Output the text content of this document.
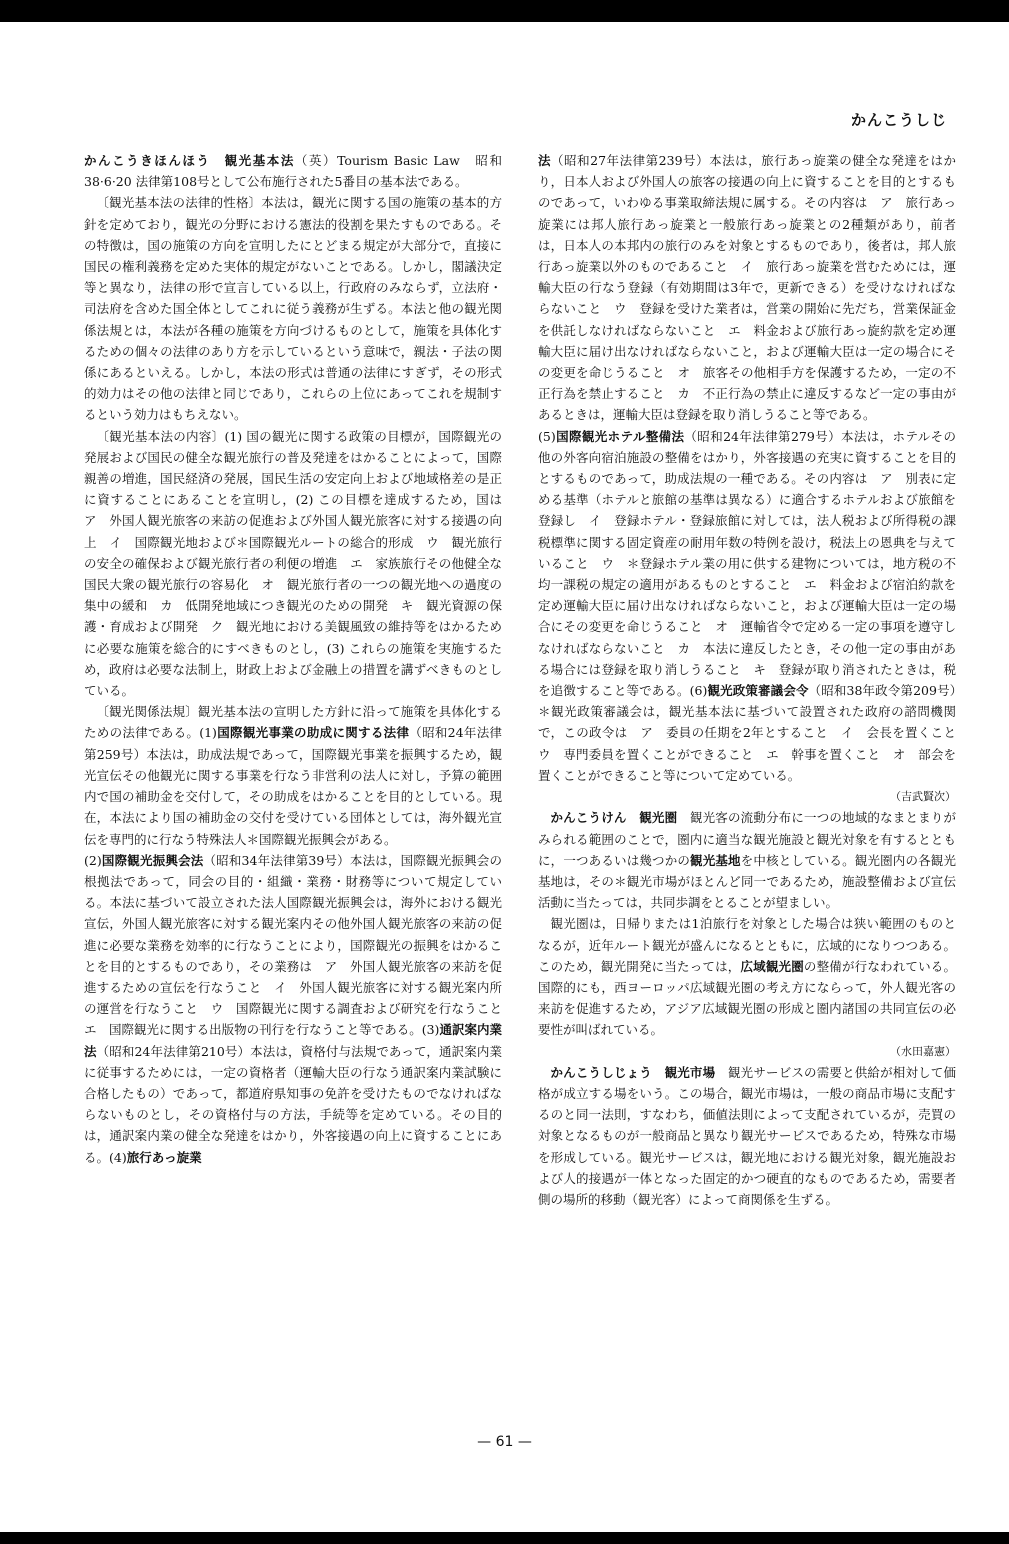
かんこうしじ

かんこうきほんほう　観光基本法（英）Tourism Basic Law　昭和38·6·20 法律第108号として公布施行された5番目の基本法である。

〔観光基本法の法律的性格〕本法は，観光に関する国の施策の基本的方針を定めており，観光の分野における憲法的役割を果たすものである。その特徴は，国の施策の方向を宣明したにとどまる規定が大部分で，直接に国民の権利義務を定めた実体的規定がないことである。しかし，閣議決定等と異なり，法律の形で宣言している以上，行政府のみならず，立法府・司法府を含めた国全体としてこれに従う義務が生ずる。本法と他の観光関係法規とは，本法が各種の施策を方向づけるものとして，施策を具体化するための個々の法律のあり方を示しているという意味で，親法・子法の関係にあるといえる。しかし，本法の形式は普通の法律にすぎず，その形式的効力はその他の法律と同じであり，これらの上位にあってこれを規制するという効力はもちえない。

〔観光基本法の内容〕(1) 国の観光に関する政策の目標が，国際観光の発展および国民の健全な観光旅行の普及発達をはかることによって，国際親善の増進，国民経済の発展，国民生活の安定向上および地域格差の是正に資することにあることを宣明し，(2) この目標を達成するため，国は　ア　外国人観光旅客の来訪の促進および外国人観光旅客に対する接遇の向上　イ　国際観光地および＊国際観光ルートの総合的形成　ウ　観光旅行の安全の確保および観光旅行者の利便の増進　エ　家族旅行その他健全な国民大衆の観光旅行の容易化　オ　観光旅行者の一つの観光地への過度の集中の緩和　カ　低開発地域につき観光のための開発　キ　観光資源の保護・育成および開発　ク　観光地における美観風致の維持等をはかるために必要な施策を総合的にすべきものとし，(3) これらの施策を実施するため，政府は必要な法制上，財政上および金融上の措置を講ずべきものとしている。

〔観光関係法規〕観光基本法の宣明した方針に沿って施策を具体化するための法律である。(1)国際観光事業の助成に関する法律（昭和24年法律第259号）本法は，助成法規であって，国際観光事業を振興するため，観光宣伝その他観光に関する事業を行なう非営利の法人に対し，予算の範囲内で国の補助金を交付して，その助成をはかることを目的としている。現在，本法により国の補助金の交付を受けている団体としては，海外観光宣伝を専門的に行なう特殊法人＊国際観光振興会がある。

(2)国際観光振興会法（昭和34年法律第39号）本法は，国際観光振興会の根拠法であって，同会の目的・組織・業務・財務等について規定している。本法に基づいて設立された法人国際観光振興会は，海外における観光宣伝，外国人観光旅客に対する観光案内その他外国人観光旅客の来訪の促進に必要な業務を効率的に行なうことにより，国際観光の振興をはかることを目的とするものであり，その業務は　ア　外国人観光旅客の来訪を促進するための宣伝を行なうこと　イ　外国人観光旅客に対する観光案内所の運営を行なうこと　ウ　国際観光に関する調査および研究を行なうこと　エ　国際観光に関する出版物の刊行を行なうこと等である。(3)通訳案内業法（昭和24年法律第210号）本法は，資格付与法規であって，通訳案内業に従事するためには，一定の資格者（運輸大臣の行なう通訳案内業試験に合格したもの）であって，都道府県知事の免許を受けたものでなければならないものとし，その資格付与の方法，手続等を定めている。その目的は，通訳案内業の健全な発達をはかり，外客接遇の向上に資することにある。(4)旅行あっ旋業

法（昭和27年法律第239号）本法は，旅行あっ旋業の健全な発達をはかり，日本人および外国人の旅客の接遇の向上に資することを目的とするものであって，いわゆる事業取締法規に属する。その内容は　ア　旅行あっ旋業には邦人旅行あっ旋業と一般旅行あっ旋業との2種類があり，前者は，日本人の本邦内の旅行のみを対象とするものであり，後者は，邦人旅行あっ旋業以外のものであること　イ　旅行あっ旋業を営むためには，運輸大臣の行なう登録（有効期間は3年で，更新できる）を受けなければならないこと　ウ　登録を受けた業者は，営業の開始に先だち，営業保証金を供託しなければならないこと　エ　料金および旅行あっ旋約款を定め運輸大臣に届け出なければならないこと，および運輸大臣は一定の場合にその変更を命じうること　オ　旅客その他相手方を保護するため，一定の不正行為を禁止すること　カ　不正行為の禁止に違反するなど一定の事由があるときは，運輸大臣は登録を取り消しうること等である。

(5)国際観光ホテル整備法（昭和24年法律第279号）本法は，ホテルその他の外客向宿泊施設の整備をはかり，外客接遇の充実に資することを目的とするものであって，助成法規の一種である。その内容は　ア　別表に定める基準（ホテルと旅館の基準は異なる）に適合するホテルおよび旅館を登録し　イ　登録ホテル・登録旅館に対しては，法人税および所得税の課税標準に関する固定資産の耐用年数の特例を設け，税法上の恩典を与えていること　ウ　＊登録ホテル業の用に供する建物については，地方税の不均一課税の規定の適用があるものとすること　エ　料金および宿泊約款を定め運輸大臣に届け出なければならないこと，および運輸大臣は一定の場合にその変更を命じうること　オ　運輸省令で定める一定の事項を遵守しなければならないこと　カ　本法に違反したとき，その他一定の事由がある場合には登録を取り消しうること　キ　登録が取り消されたときは，税を追徴すること等である。(6)観光政策審議会令（昭和38年政令第209号）＊観光政策審議会は，観光基本法に基づいて設置された政府の諮問機関で，この政令は　ア　委員の任期を2年とすること　イ　会長を置くこと　ウ　専門委員を置くことができること　エ　幹事を置くこと　オ　部会を置くことができること等について定めている。
（吉武賢次）

かんこうけん　観光圏　 観光客の流動分布に一つの地域的なまとまりがみられる範囲のことで，圏内に適当な観光施設と観光対象を有するとともに，一つあるいは幾つかの観光基地を中核としている。観光圏内の各観光基地は，その＊観光市場がほとんど同一であるため，施設整備および宣伝活動に当たっては，共同歩調をとることが望ましい。

観光圏は，日帰りまたは1泊旅行を対象とした場合は狭い範囲のものとなるが，近年ルート観光が盛んになるとともに，広域的になりつつある。このため，観光開発に当たっては，広域観光圏の整備が行なわれている。国際的にも，西ヨーロッパ広域観光圏の考え方にならって，外人観光客の来訪を促進するため，アジア広域観光圏の形成と圏内諸国の共同宣伝の必要性が叫ばれている。
（水田嘉憲）

かんこうしじょう　観光市場　 観光サービスの需要と供給が相対して価格が成立する場をいう。この場合，観光市場は，一般の商品市場に支配するのと同一法則，すなわち，価値法則によって支配されているが，売買の対象となるものが一般商品と異なり観光サービスであるため，特殊な市場を形成している。観光サービスは，観光地における観光対象，観光施設および人的接遇が一体となった固定的かつ硬直的なものであるため，需要者側の場所的移動（観光客）によって商関係を生ずる。

— 61 —
